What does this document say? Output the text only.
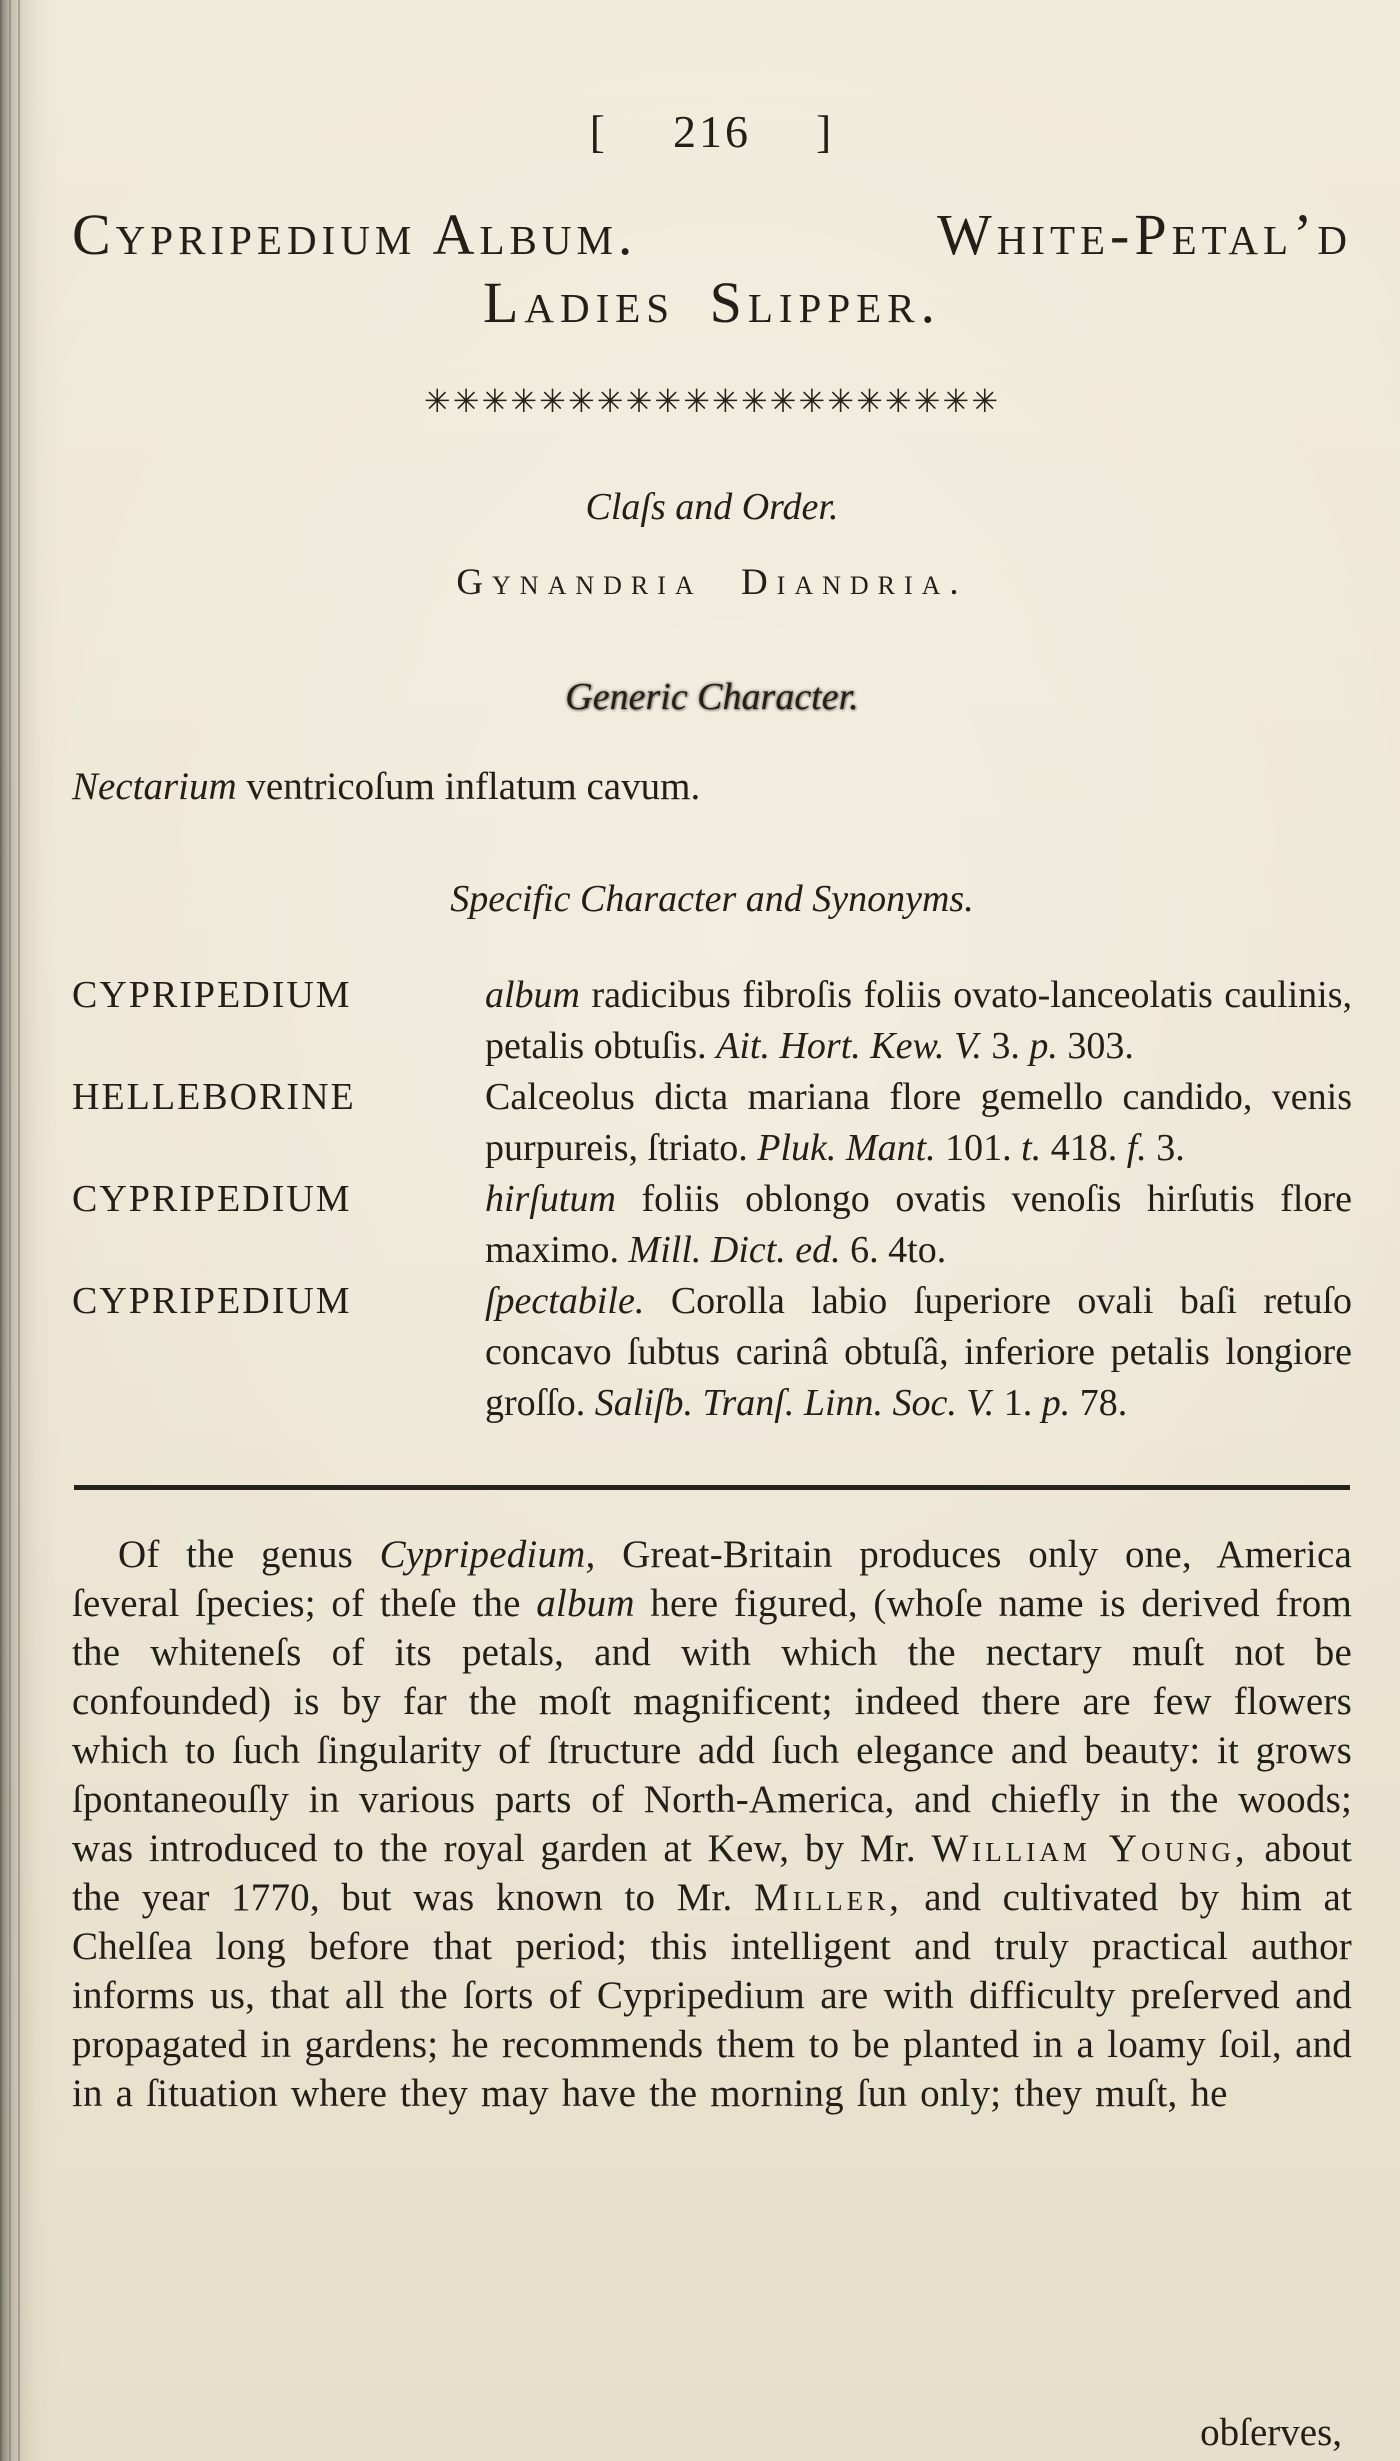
[  216  ]
Cypripedium Album.	White-Petal’d
Ladies Slipper.
✳✳✳✳✳✳✳✳✳✳✳✳✳✳✳✳✳✳✳✳
Claſs and Order.
Gynandria Diandria.
Generic Character.
Nectarium ventricoſum inflatum cavum.
Specific Character and Synonyms.
CYPRIPEDIUM	album radicibus fibroſis foliis ovato-lanceolatis caulinis, petalis obtuſis. Ait. Hort. Kew. V. 3. p. 303.
HELLEBORINE	Calceolus dicta mariana flore gemello candido, venis purpureis, ſtriato. Pluk. Mant. 101. t. 418. f. 3.
CYPRIPEDIUM	hirſutum foliis oblongo ovatis venoſis hirſutis flore maximo. Mill. Dict. ed. 6. 4to.
CYPRIPEDIUM	ſpectabile. Corolla labio ſuperiore ovali baſi retuſo concavo ſubtus carinâ obtuſâ, inferiore petalis longiore groſſo. Saliſb. Tranſ. Linn. Soc. V. 1. p. 78.

Of the genus Cypripedium, Great-Britain produces only one, America ſeveral ſpecies; of theſe the album here figured, (whoſe name is derived from the whiteneſs of its petals, and with which the nectary muſt not be confounded) is by far the moſt magnificent; indeed there are few flowers which to ſuch ſingularity of ſtructure add ſuch elegance and beauty: it grows ſpontaneouſly in various parts of North-America, and chiefly in the woods; was introduced to the royal garden at Kew, by Mr. William Young, about the year 1770, but was known to Mr. Miller, and cultivated by him at Chelſea long before that period; this intelligent and truly practical author informs us, that all the ſorts of Cypripedium are with difficulty preſerved and propagated in gardens; he recommends them to be planted in a loamy ſoil, and in a ſituation where they may have the morning ſun only; they muſt, he

obſerves,
